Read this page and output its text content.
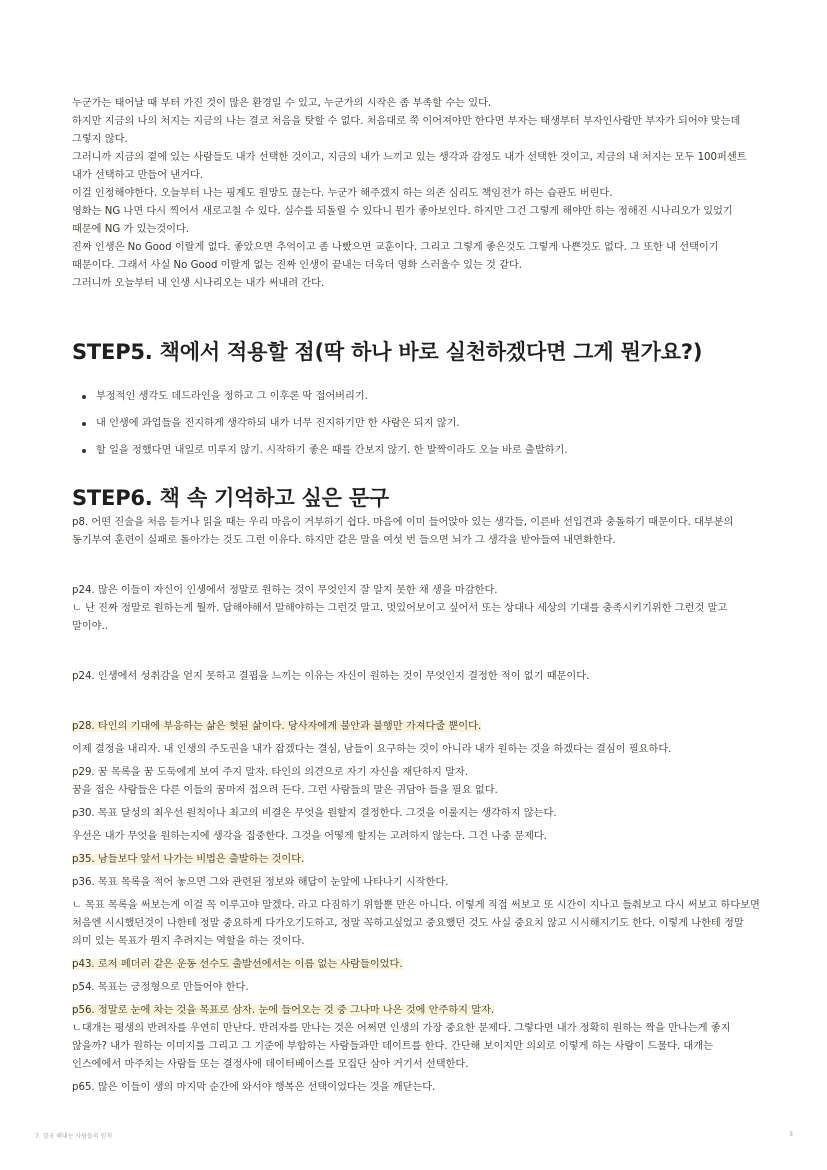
누군가는 태어날 때 부터 가진 것이 많은 환경일 수 있고, 누군가의 시작은 좀 부족할 수는 있다.

하지만 지금의 나의 처지는 지금의 나는 결코 처음을 탓할 수 없다. 처음대로 쭉 이어져야만 한다면 부자는 태생부터 부자인사람만 부자가 되어야 맞는데 그렇지 않다.

그러니까 지금의 곁에 있는 사람들도 내가 선택한 것이고, 지금의 내가 느끼고 있는 생각과 감정도 내가 선택한 것이고, 지금의 내 처지는 모두 100퍼센트 내가 선택하고 만들어 낸거다.

이걸 인정해야한다. 오늘부터 나는 핑계도 원망도 끊는다. 누군가 해주겠지 하는 의존 심리도 책임전가 하는 습관도 버린다.

영화는 NG 나면 다시 찍어서 새로고칠 수 있다. 실수를 되돌릴 수 있다니 뭔가 좋아보인다. 하지만 그건 그렇게 해야만 하는 정해진 시나리오가 있었기 때문에 NG 가 있는것이다.

진짜 인생은 No Good 이랄게 없다. 좋았으면 추억이고 좀 나빴으면 교훈이다. 그리고 그렇게 좋은것도 그렇게 나쁜것도 없다. 그 또한 내 선택이기 때문이다. 그래서 사실 No Good 이랄게 없는 진짜 인생이 끝내는 더욱더 영화 스러울수 있는 것 같다.

그러니까 오늘부터 내 인생 시나리오는 내가 써내려 간다.

STEP5. 책에서 적용할 점(딱 하나 바로 실천하겠다면 그게 뭔가요?)
부정적인 생각도 데드라인을 정하고 그 이후론 딱 접어버리기.
내 인생에 과업들을 진지하게 생각하되 내가 너무 진지하기만 한 사람은 되지 않기.
할 일을 정했다면 내일로 미루지 않기. 시작하기 좋은 때를 간보지 않기. 한 발짝이라도 오늘 바로 출발하기.
STEP6. 책 속 기억하고 싶은 문구

p8. 어떤 진술을 처음 듣거나 읽을 때는 우리 마음이 거부하기 쉽다. 마음에 이미 들어앉아 있는 생각들, 이른바 선입견과 충돌하기 때문이다. 대부분의 동기부여 훈련이 실패로 돌아가는 것도 그런 이유다. 하지만 같은 말을 여섯 번 들으면 뇌가 그 생각을 받아들여 내면화한다.

p24. 많은 이들이 자신이 인생에서 정말로 원하는 것이 무엇인지 잘 알지 못한 채 생을 마감한다.

ㄴ 난 진짜 정말로 원하는게 뭘까. 답해야해서 말해야하는 그런것 말고. 멋있어보이고 싶어서 또는 상대나 세상의 기대를 충족시키기위한 그런것 말고 말이야..

p24. 인생에서 성취감을 얻지 못하고 결핍을 느끼는 이유는 자신이 원하는 것이 무엇인지 결정한 적이 없기 때문이다.

p28. 타인의 기대에 부응하는 삶은 헛된 삶이다. 당사자에게 불안과 불행만 가져다줄 뿐이다.

이제 결정을 내리자. 내 인생의 주도권을 내가 잡겠다는 결심, 남들이 요구하는 것이 아니라 내가 원하는 것을 하겠다는 결심이 필요하다.

p29. 꿈 목록을 꿈 도둑에게 보여 주지 말자. 타인의 의견으로 자기 자신을 재단하지 말자.

꿈을 접은 사람들은 다른 이들의 꿈마저 접으려 든다. 그런 사람들의 말은 귀담아 들을 필요 없다.

p30. 목표 달성의 최우선 원칙이나 최고의 비결은 무엇을 원할지 결정한다. 그것을 이룰지는 생각하지 않는다.

우선은 내가 무엇을 원하는지에 생각을 집중한다. 그것을 어떻게 할지는 고려하지 않는다. 그건 나중 문제다.

p35. 남들보다 앞서 나가는 비법은 출발하는 것이다.

p36. 목표 목록을 적어 놓으면 그와 관련된 정보와 해답이 눈앞에 나타나기 시작한다.

ㄴ 목표 목록을 써보는게 이걸 꼭 이루고야 말겠다. 라고 다짐하기 위함뿐 만은 아니다. 이렇게 직접 써보고 또 시간이 지나고 들춰보고 다시 써보고 하다보면 처음엔 시시했던것이 나한테 정말 중요하게 다가오기도하고, 정말 꼭하고싶었고 중요했던 것도 사실 중요치 않고 시시해지기도 한다. 이렇게 나한테 정말 의미 있는 목표가 뭔지 추려지는 역할을 하는 것이다.

p43. 로저 페더러 같은 운동 선수도 출발선에서는 이름 없는 사람들이었다.

p54. 목표는 긍정형으로 만들어야 한다.

p56. 정말로 눈에 차는 것을 목표로 삼자. 눈에 들어오는 것 중 그나마 나은 것에 안주하지 말자.

ㄴ대개는 평생의 반려자를 우연히 만난다. 반려자를 만나는 것은 어쩌면 인생의 가장 중요한 문제다. 그렇다면 내가 정확히 원하는 짝을 만나는게 좋지 않을까? 내가 원하는 이미지를 그리고 그 기준에 부합하는 사람들과만 데이트를 한다. 간단해 보이지만 의외로 이렇게 하는 사람이 드물다. 대개는 인스에에서 마주치는 사람들 또는 결정사에 데이터베이스를 모집단 삼아 거기서 선택한다.

p65. 많은 이들이 생의 마지막 순간에 와서야 행복은 선택이었다는 것을 깨닫는다.

7. 결국 해내는 사람들의 원칙	3
